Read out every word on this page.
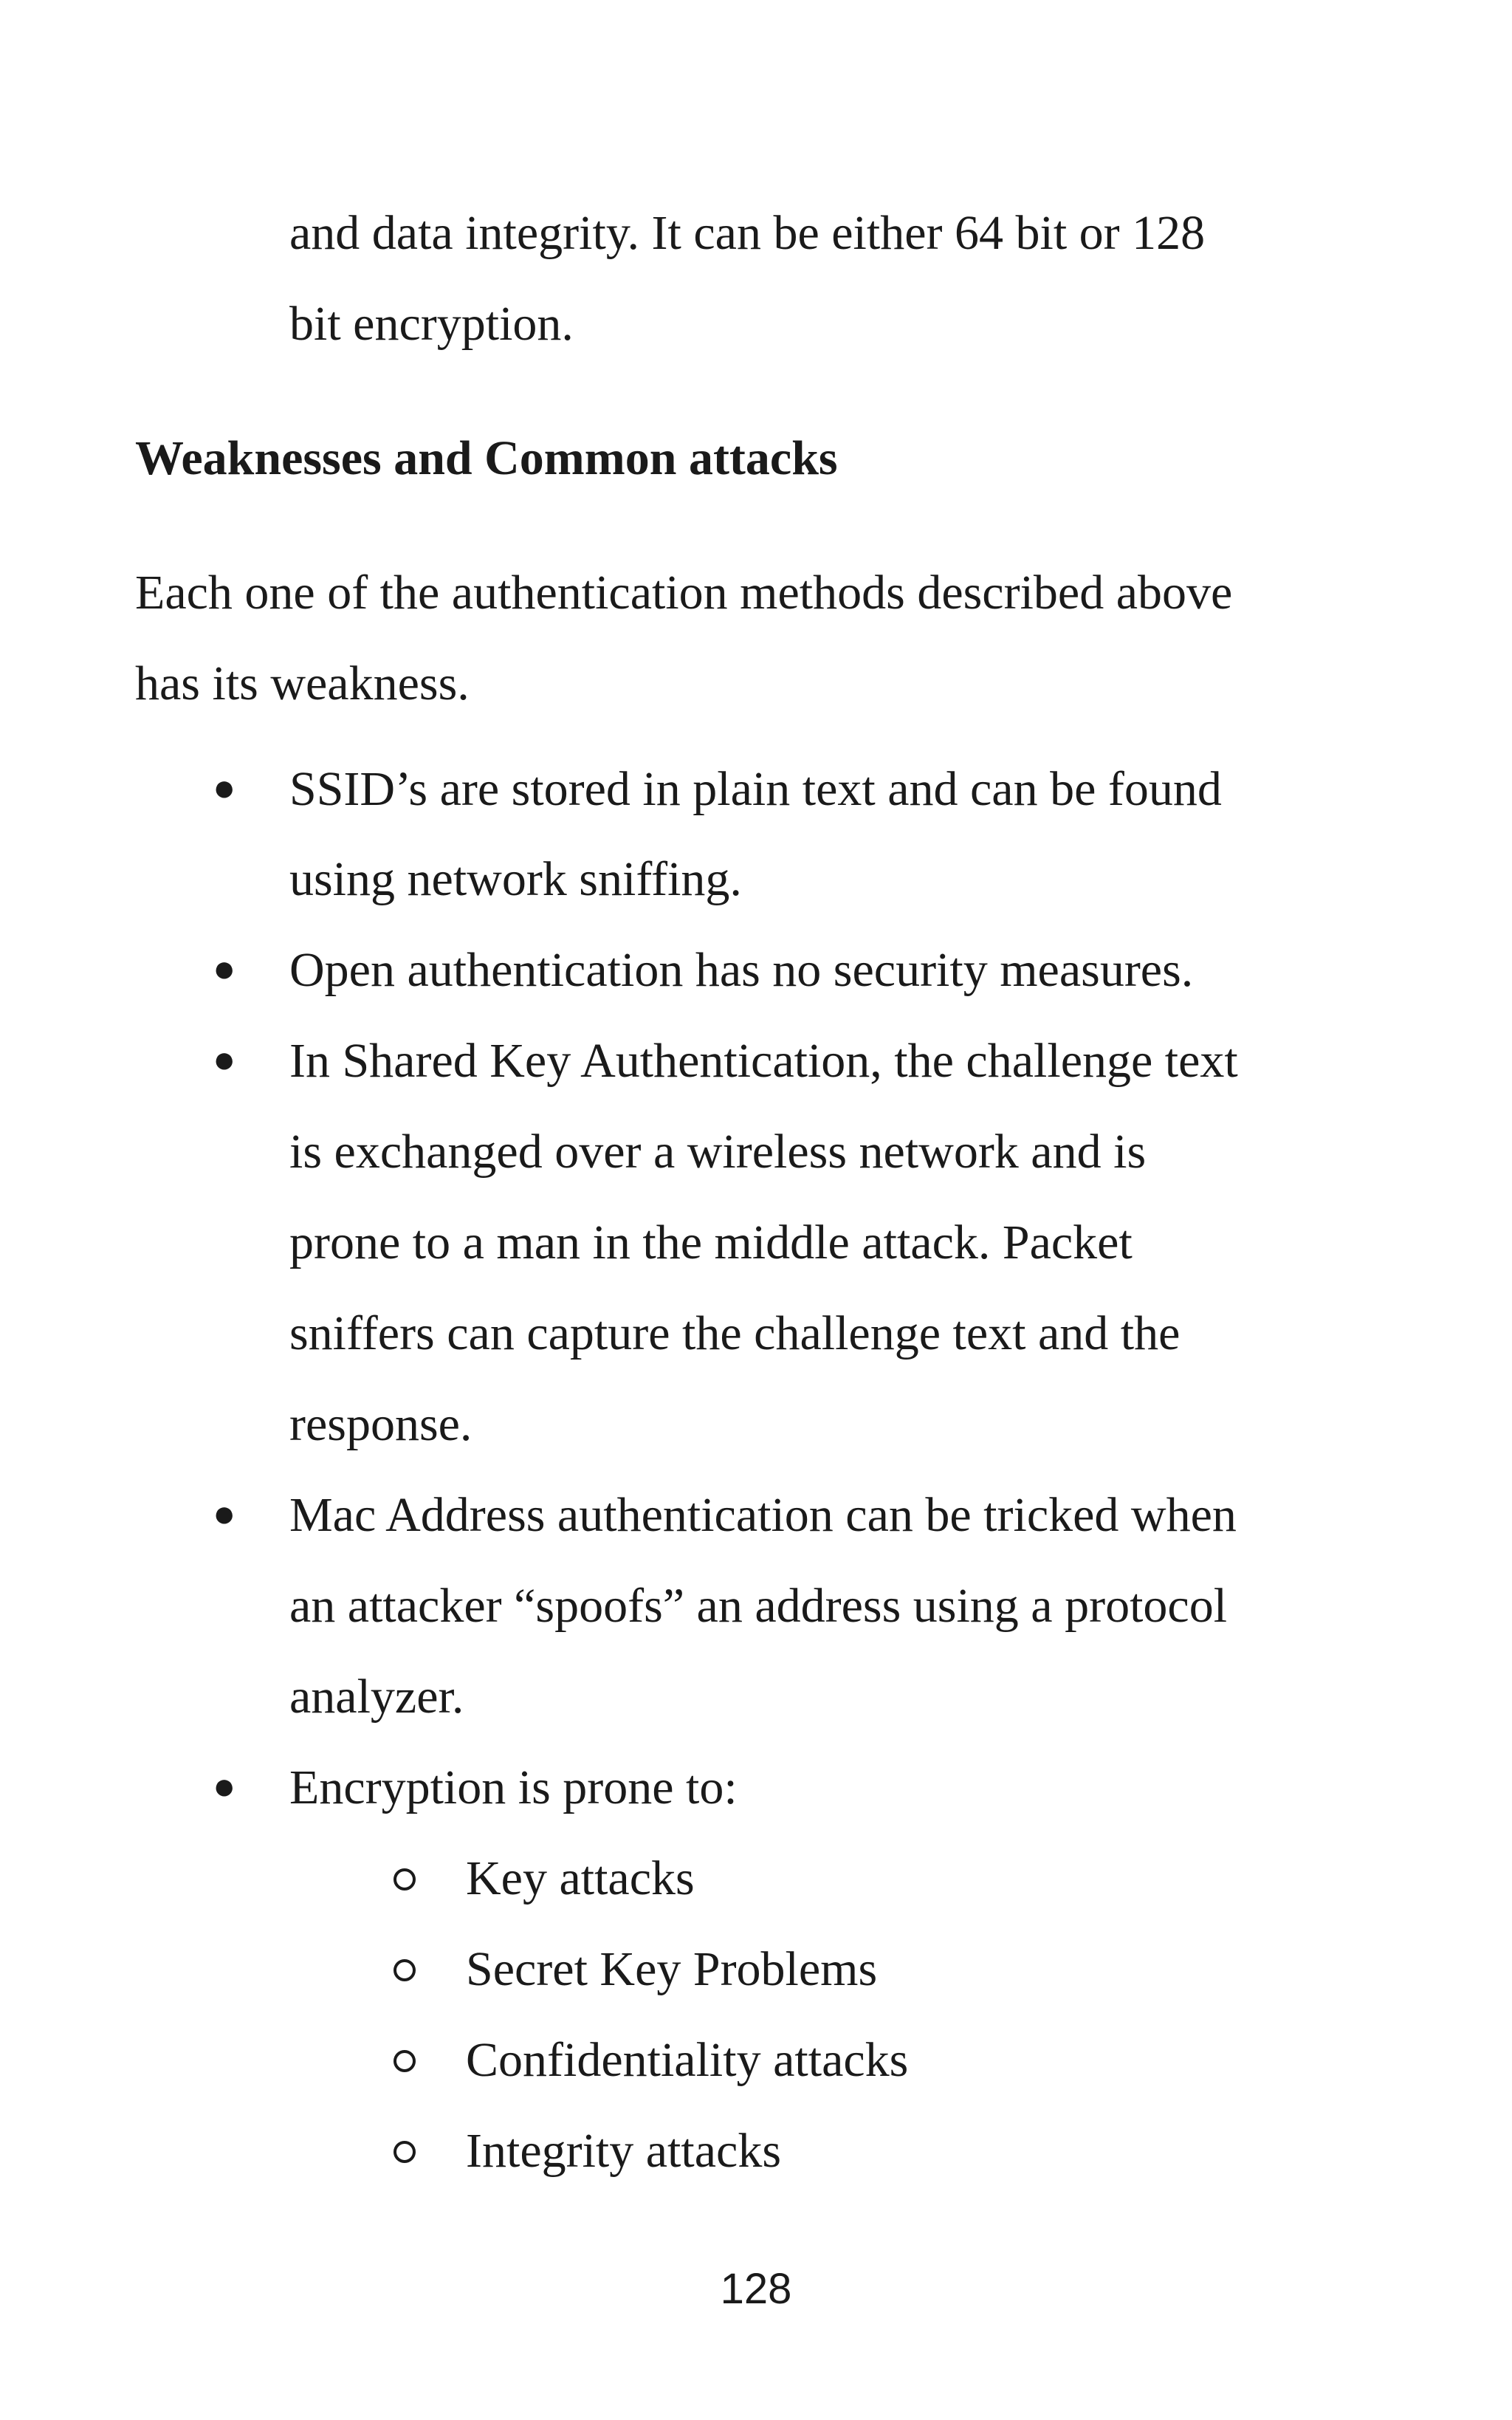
and data integrity. It can be either 64 bit or 128
bit encryption.
Weaknesses and Common attacks
Each one of the authentication methods described above
has its weakness.
● SSID’s are stored in plain text and can be found
using network sniffing.
● Open authentication has no security measures.
● In Shared Key Authentication, the challenge text
is exchanged over a wireless network and is
prone to a man in the middle attack. Packet
sniffers can capture the challenge text and the
response.
● Mac Address authentication can be tricked when
an attacker “spoofs” an address using a protocol
analyzer.
● Encryption is prone to:
Key attacks
Secret Key Problems
Confidentiality attacks
Integrity attacks
128
